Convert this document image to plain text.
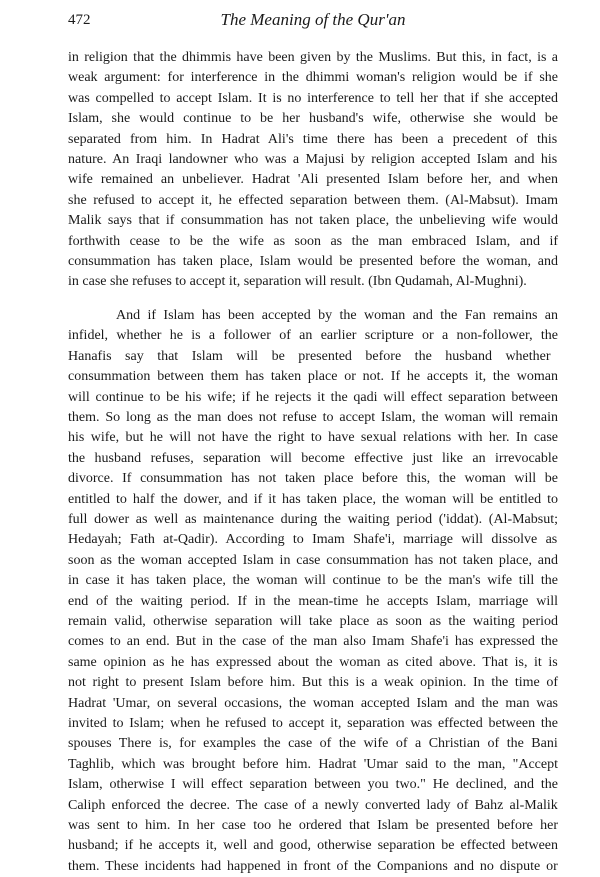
472	The Meaning of the Qur'an
in religion that the dhimmis have been given by the Muslims. But this, in fact, is a
weak argument: for interference in the dhimmi woman's religion would be if she
was compelled to accept Islam. It is no interference to tell her that if she accepted
Islam, she would continue to be her husband's wife, otherwise she would be
separated from him. In Hadrat Ali's time there has been a precedent of this
nature. An Iraqi landowner who was a Majusi by religion accepted Islam and his
wife remained an unbeliever. Hadrat 'Ali presented Islam before her, and when
she refused to accept it, he effected separation between them. (Al-Mabsut). Imam
Malik says that if consummation has not taken place, the unbelieving wife would
forthwith cease to be the wife as soon as the man embraced Islam, and if
consummation has taken place, Islam would be presented before the woman, and
in case she refuses to accept it, separation will result. (Ibn Qudamah, Al-Mughni).
And if Islam has been accepted by the woman and the Fan remains an
infidel, whether he is a follower of an earlier scripture or a non-follower, the
Hanafis say that Islam will be presented before the husband whether
consummation between them has taken place or not. If he accepts it, the woman
will continue to be his wife; if he rejects it the qadi will effect separation between
them. So long as the man does not refuse to accept Islam, the woman will remain
his wife, but he will not have the right to have sexual relations with her. In case
the husband refuses, separation will become effective just like an irrevocable
divorce. If consummation has not taken place before this, the woman will be
entitled to half the dower, and if it has taken place, the woman will be entitled to
full dower as well as maintenance during the waiting period ('iddat). (Al-Mabsut;
Hedayah; Fath at-Qadir). According to Imam Shafe'i, marriage will dissolve as
soon as the woman accepted Islam in case consummation has not taken place, and
in case it has taken place, the woman will continue to be the man's wife till the
end of the waiting period. If in the mean-time he accepts Islam, marriage will
remain valid, otherwise separation will take place as soon as the waiting period
comes to an end. But in the case of the man also Imam Shafe'i has expressed the
same opinion as he has expressed about the woman as cited above. That is, it is
not right to present Islam before him. But this is a weak opinion. In the time of
Hadrat 'Umar, on several occasions, the woman accepted Islam and the man was
invited to Islam; when he refused to accept it, separation was effected between the
spouses There is, for examples the case of the wife of a Christian of the Bani
Taghlib, which was brought before him. Hadrat 'Umar said to the man, "Accept
Islam, otherwise I will effect separation between you two." He declined, and the
Caliph enforced the decree. The case of a newly converted lady of Bahz al-Malik
was sent to him. In her case too he ordered that Islam be presented before her
husband; if he accepts it, well and good, otherwise separation be effected between
them. These incidents had happened in front of the Companions and no dispute or
